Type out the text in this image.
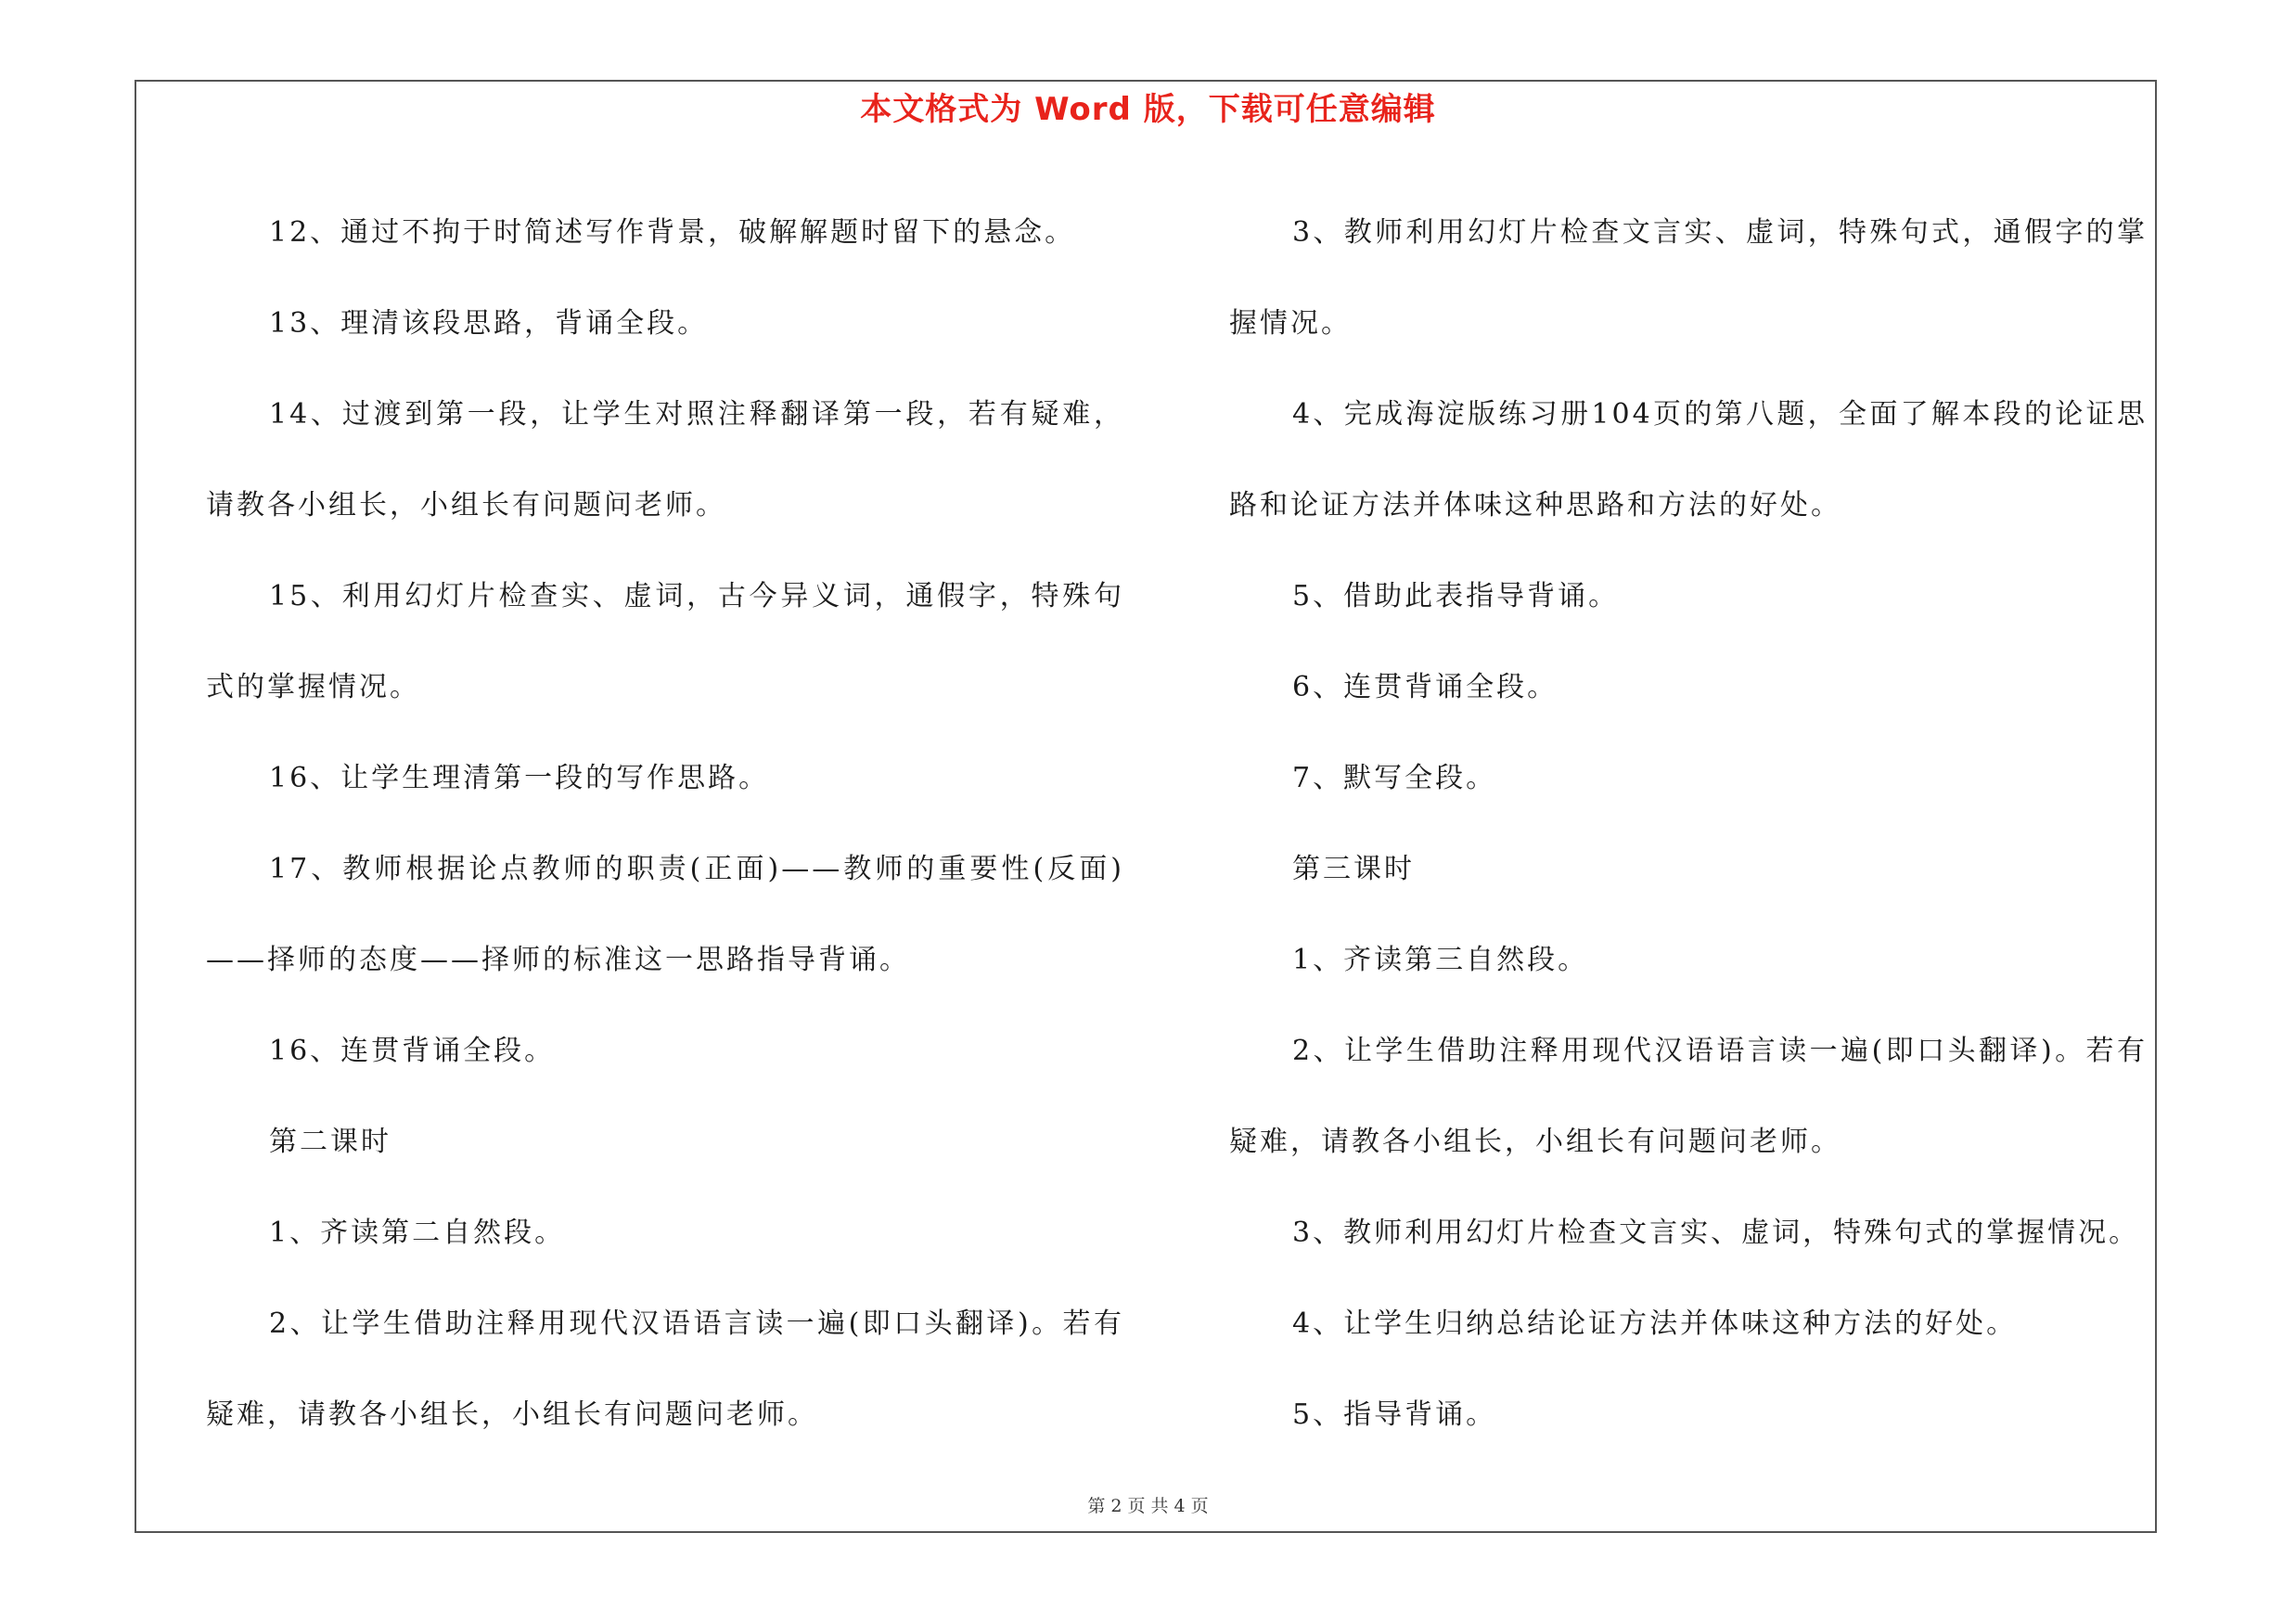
本文格式为 Word 版，下载可任意编辑

12、通过不拘于时简述写作背景，破解解题时留下的悬念。

13、理清该段思路，背诵全段。

14、过渡到第一段，让学生对照注释翻译第一段，若有疑难，请教各小组长，小组长有问题问老师。

15、利用幻灯片检查实、虚词，古今异义词，通假字，特殊句式的掌握情况。

16、让学生理清第一段的写作思路。

17、教师根据论点教师的职责(正面)——教师的重要性(反面)——择师的态度——择师的标准这一思路指导背诵。

16、连贯背诵全段。

第二课时

1、齐读第二自然段。

2、让学生借助注释用现代汉语语言读一遍(即口头翻译)。若有疑难，请教各小组长，小组长有问题问老师。

3、教师利用幻灯片检查文言实、虚词，特殊句式，通假字的掌握情况。

4、完成海淀版练习册104页的第八题，全面了解本段的论证思路和论证方法并体味这种思路和方法的好处。

5、借助此表指导背诵。

6、连贯背诵全段。

7、默写全段。

第三课时

1、齐读第三自然段。

2、让学生借助注释用现代汉语语言读一遍(即口头翻译)。若有疑难，请教各小组长，小组长有问题问老师。

3、教师利用幻灯片检查文言实、虚词，特殊句式的掌握情况。

4、让学生归纳总结论证方法并体味这种方法的好处。

5、指导背诵。

第 2 页 共 4 页
